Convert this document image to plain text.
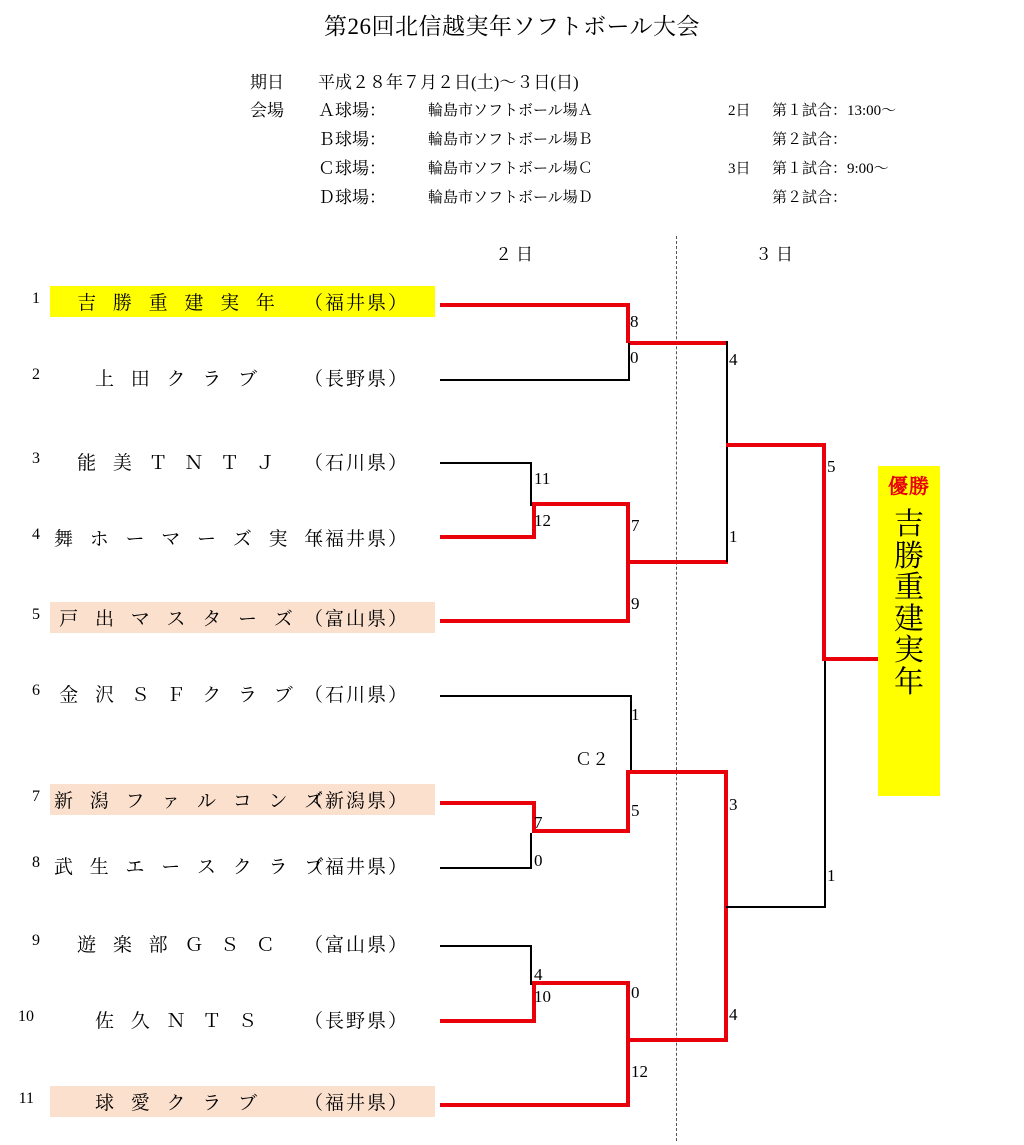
第26回北信越実年ソフトボール大会
期日 平成２８年７月２日(土)〜３日(日)
会場 Ａ球場：	輪島市ソフトボール場Ａ
Ｂ球場：	輪島市ソフトボール場Ｂ
Ｃ球場：	輪島市ソフトボール場Ｃ
Ｄ球場：	輪島市ソフトボール場Ｄ
2日 第１試合：13:00〜
第２試合：
3日 第１試合：9:00〜
第２試合：
２日	３日
1	吉 勝 重 建 実 年 （福井県）
2	上 田 ク ラ ブ （長野県）
3	能 美 Ｔ Ｎ Ｔ Ｊ （石川県）
4 舞 ホ ー マ ー ズ 実 年（福井県）
5	戸 出 マ ス タ ー ズ （富山県）
6	金 沢 Ｓ Ｆ ク ラ ブ （石川県）
7 新 潟 フ ァ ル コ ン ズ（新潟県）
8 武 生 エ ー ス ク ラ ブ（福井県）
9	遊 楽 部 Ｇ Ｓ Ｃ （富山県）
10	佐 久 Ｎ Ｔ Ｓ （長野県）
11	球 愛 ク ラ ブ （福井県）
8
0	4
11
12	7
5
1
9
1
Ｃ２
7
5
0
3
1
4
10	0
4
12
優勝
吉
勝
重
建
実
年
